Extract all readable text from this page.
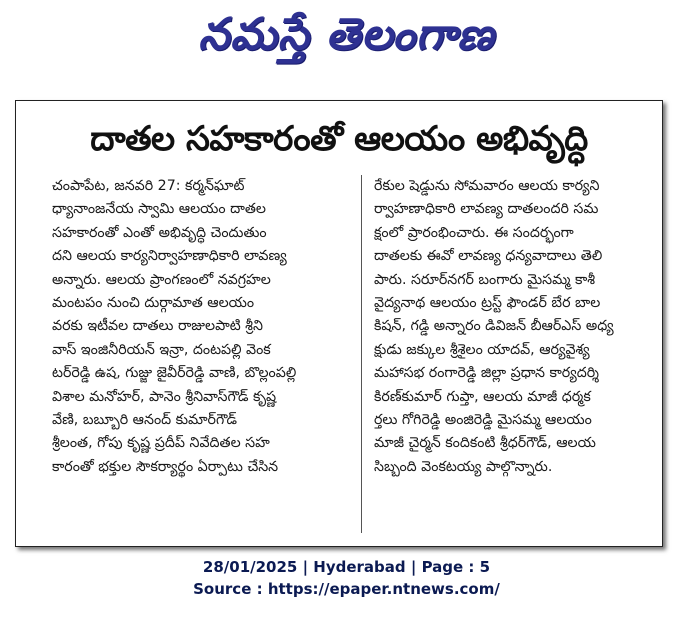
నమస్తే తెలంగాణ
దాతల సహకారంతో ఆలయం అభివృద్ధి
చంపాపేట, జనవరి 27: కర్మన్‌ఘాట్
ధ్యానాంజనేయ స్వామి ఆలయం దాతల
సహకారంతో ఎంతో అభివృద్ధి చెందుతుం
దని ఆలయ కార్యనిర్వాహణాధికారి లావణ్య
అన్నారు. ఆలయ ప్రాంగణంలో నవగ్రహల
మంటపం నుంచి దుర్గామాత ఆలయం
వరకు ఇటీవల దాతలు రాజులపాటి శ్రీని
వాస్ ఇంజినీరియన్ ఇన్రా, దంటపల్లి వెంక
టర్‌రెడ్డి ఉష, గుజ్జు జైవీర్‌రెడ్డి వాణి, బొల్లంపల్లి
విశాల మనోహర్, పానెం శ్రీనివాస్‌గౌడ్ కృష్ణ
వేణి, బబ్బూరి ఆనంద్ కుమార్‌గౌడ్
శ్రీలంత, గోపు కృష్ణ ప్రదీప్ నివేదితల సహ
కారంతో భక్తుల సౌకర్యార్థం ఏర్పాటు చేసిన
రేకుల షెడ్డును సోమవారం ఆలయ కార్యని
ర్వాహణాధికారి లావణ్య దాతలందరి సమ
క్షంలో ప్రారంభించారు. ఈ సందర్భంగా
దాతలకు ఈవో లావణ్య ధన్యవాదాలు తెలి
పారు. సరూర్‌నగర్ బంగారు మైసమ్మ కాశీ
వైద్యనాథ ఆలయం ట్రస్ట్ ఫౌండర్ బేర బాల
కిషన్, గడ్డి అన్నారం డివిజన్ బీఆర్ఎస్ అధ్య
క్షుడు జక్కుల శ్రీశైలం యాదవ్, ఆర్యవైశ్య
మహాసభ రంగారెడ్డి జిల్లా ప్రధాన కార్యదర్శి
కిరణ్‌కుమార్ గుప్తా, ఆలయ మాజీ ధర్మక
ర్తలు గోగిరెడ్డి అంజిరెడ్డి మైసమ్మ ఆలయం
మాజీ చైర్మన్ కందికంటి శ్రీధర్‌గౌడ్, ఆలయ
సిబ్బంది వెంకటయ్య పాల్గొన్నారు.
28/01/2025 | Hyderabad | Page : 5
Source : https://epaper.ntnews.com/
